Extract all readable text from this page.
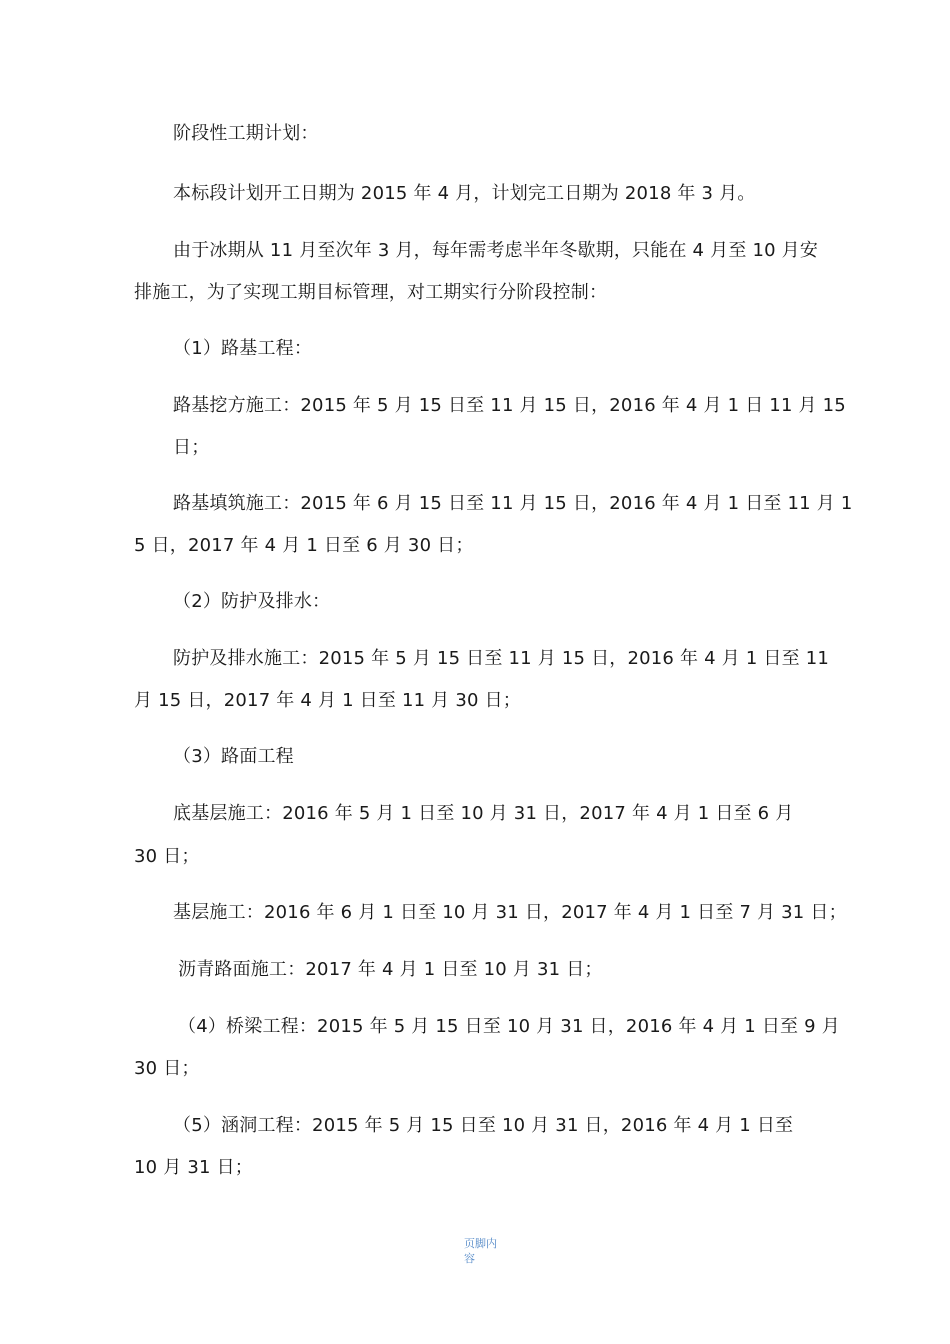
阶段性工期计划：
本标段计划开工日期为 2015 年 4 月，计划完工日期为 2018 年 3 月。
由于冰期从 11 月至次年 3 月，每年需考虑半年冬歇期，只能在 4 月至 10 月安
排施工，为了实现工期目标管理，对工期实行分阶段控制：
（1）路基工程：
路基挖方施工：2015 年 5 月 15 日至 11 月 15 日，2016 年 4 月 1 日 11 月 15
日；
路基填筑施工：2015 年 6 月 15 日至 11 月 15 日，2016 年 4 月 1 日至 11 月 1
5 日，2017 年 4 月 1 日至 6 月 30 日；
（2）防护及排水：
防护及排水施工：2015 年 5 月 15 日至 11 月 15 日，2016 年 4 月 1 日至 11
月 15 日，2017 年 4 月 1 日至 11 月 30 日；
（3）路面工程
底基层施工：2016 年 5 月 1 日至 10 月 31 日，2017 年 4 月 1 日至 6 月
30 日；
基层施工：2016 年 6 月 1 日至 10 月 31 日，2017 年 4 月 1 日至 7 月 31 日；
沥青路面施工：2017 年 4 月 1 日至 10 月 31 日；
（4）桥梁工程：2015 年 5 月 15 日至 10 月 31 日，2016 年 4 月 1 日至 9 月
30 日；
（5）涵洞工程：2015 年 5 月 15 日至 10 月 31 日，2016 年 4 月 1 日至
10 月 31 日；
页脚内容
